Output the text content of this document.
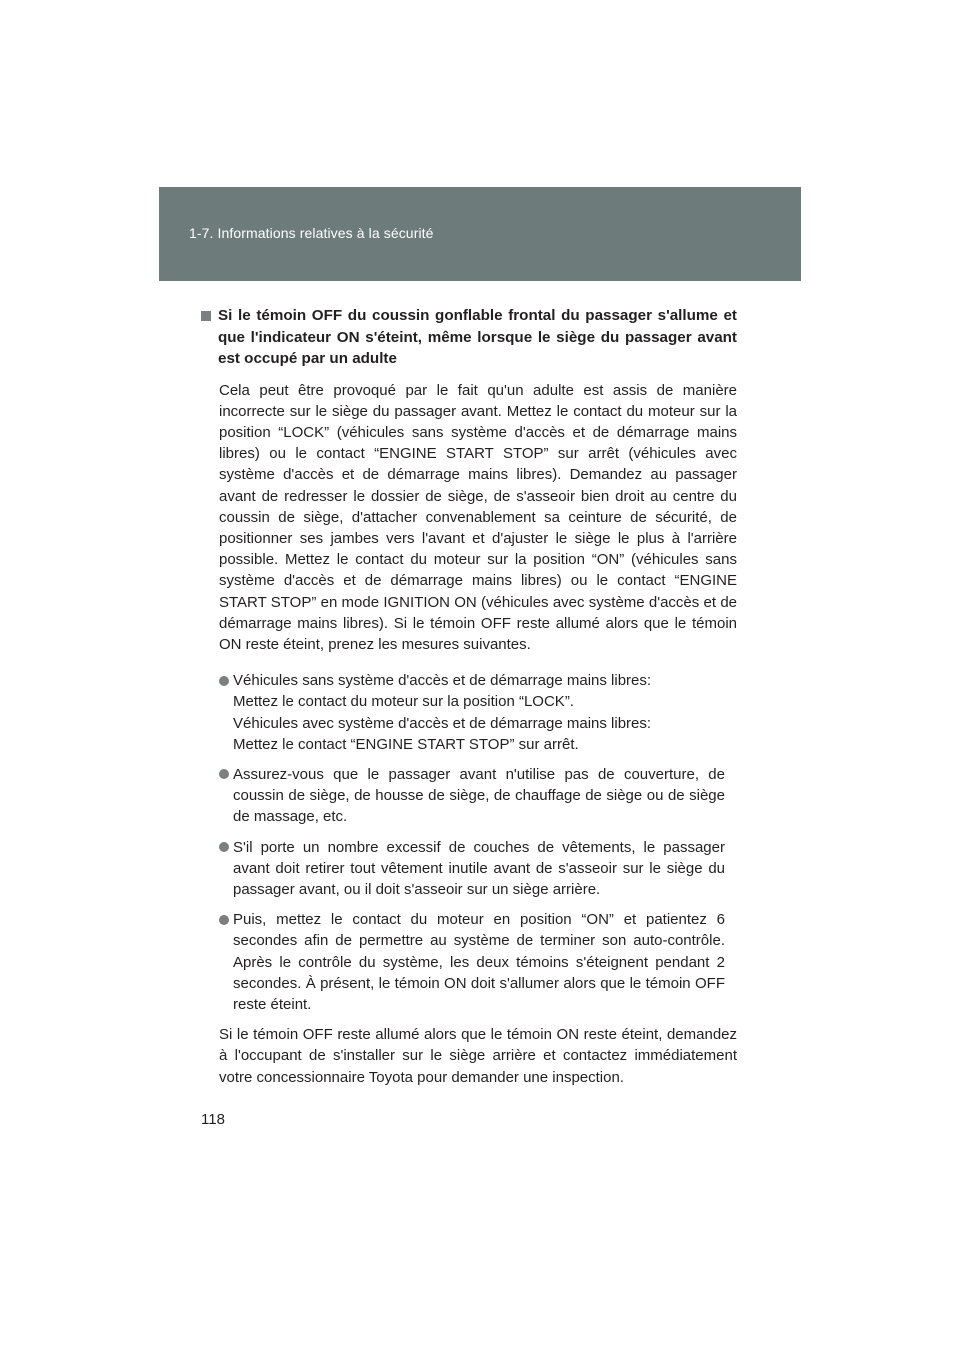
1-7. Informations relatives à la sécurité
Si le témoin OFF du coussin gonflable frontal du passager s'allume et que l'indicateur ON s'éteint, même lorsque le siège du passager avant est occupé par un adulte

Cela peut être provoqué par le fait qu'un adulte est assis de manière incorrecte sur le siège du passager avant. Mettez le contact du moteur sur la position “LOCK” (véhicules sans système d'accès et de démarrage mains libres) ou le contact “ENGINE START STOP” sur arrêt (véhicules avec système d'accès et de démarrage mains libres). Demandez au passager avant de redresser le dossier de siège, de s'asseoir bien droit au centre du coussin de siège, d'attacher convenablement sa ceinture de sécurité, de positionner ses jambes vers l'avant et d'ajuster le siège le plus à l'arrière possible. Mettez le contact du moteur sur la position “ON” (véhicules sans système d'accès et de démarrage mains libres) ou le contact “ENGINE START STOP” en mode IGNITION ON (véhicules avec système d'accès et de démarrage mains libres). Si le témoin OFF reste allumé alors que le témoin ON reste éteint, prenez les mesures suivantes.

Véhicules sans système d'accès et de démarrage mains libres:
Mettez le contact du moteur sur la position “LOCK”.
Véhicules avec système d'accès et de démarrage mains libres:
Mettez le contact “ENGINE START STOP” sur arrêt.
Assurez-vous que le passager avant n'utilise pas de couverture, de coussin de siège, de housse de siège, de chauffage de siège ou de siège de massage, etc.
S'il porte un nombre excessif de couches de vêtements, le passager avant doit retirer tout vêtement inutile avant de s'asseoir sur le siège du passager avant, ou il doit s'asseoir sur un siège arrière.
Puis, mettez le contact du moteur en position “ON” et patientez 6 secondes afin de permettre au système de terminer son auto-contrôle. Après le contrôle du système, les deux témoins s'éteignent pendant 2 secondes. À présent, le témoin ON doit s'allumer alors que le témoin OFF reste éteint.

Si le témoin OFF reste allumé alors que le témoin ON reste éteint, demandez à l'occupant de s'installer sur le siège arrière et contactez immédiatement votre concessionnaire Toyota pour demander une inspection.

118
